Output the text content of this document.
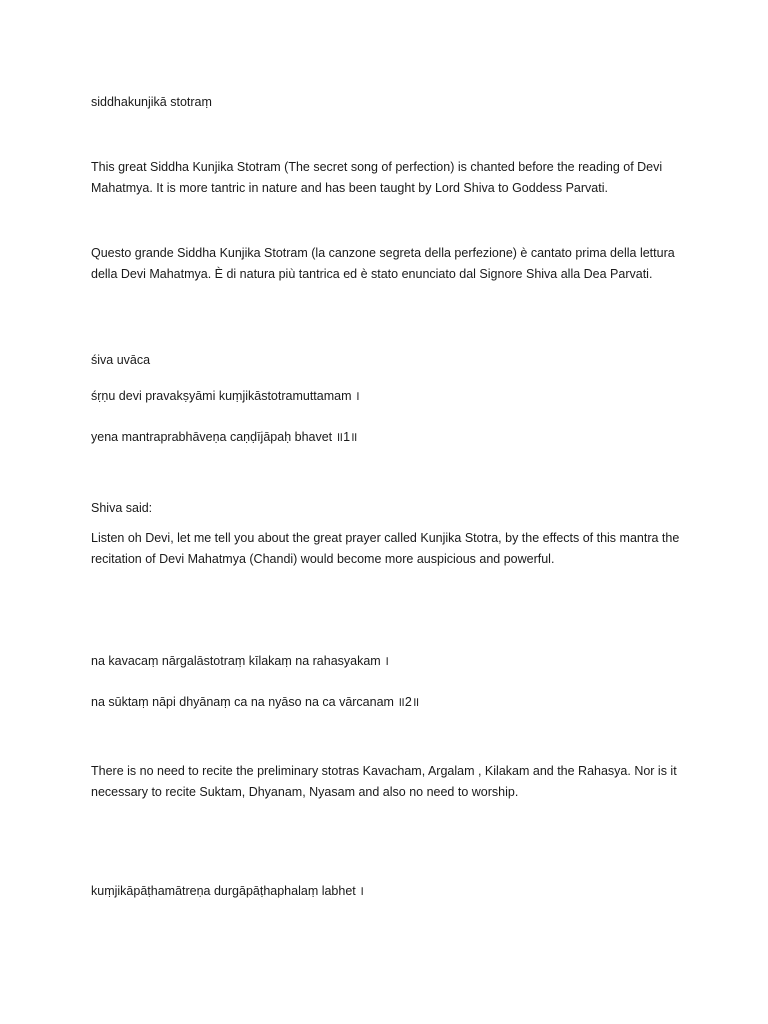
siddhakunjikā stotraṃ

This great Siddha Kunjika Stotram (The secret song of perfection) is chanted before the reading of Devi Mahatmya. It is more tantric in nature and has been taught by Lord Shiva to Goddess Parvati.

Questo grande Siddha Kunjika Stotram (la canzone segreta della perfezione) è cantato prima della lettura della Devi Mahatmya. È di natura più tantrica ed è stato enunciato dal Signore Shiva alla Dea Parvati.

śiva uvāca

śṛṇu devi pravakṣyāmi kuṃjikāstotramuttamam ।

yena mantraprabhāveṇa caṇḍījāpaḥ bhavet ॥1॥

Shiva said:

Listen oh Devi, let me tell you about the great prayer called Kunjika Stotra, by the effects of this mantra the recitation of Devi Mahatmya (Chandi) would become more auspicious and powerful.

na kavacaṃ nārgalāstotraṃ kīlakaṃ na rahasyakam ।

na sūktaṃ nāpi dhyānaṃ ca na nyāso na ca vārcanam ॥2॥

There is no need to recite the preliminary stotras Kavacham, Argalam , Kilakam and the Rahasya. Nor is it necessary to recite Suktam, Dhyanam, Nyasam and also no need to worship.

kuṃjikāpāṭhamātreṇa durgāpāṭhaphalaṃ labhet ।
